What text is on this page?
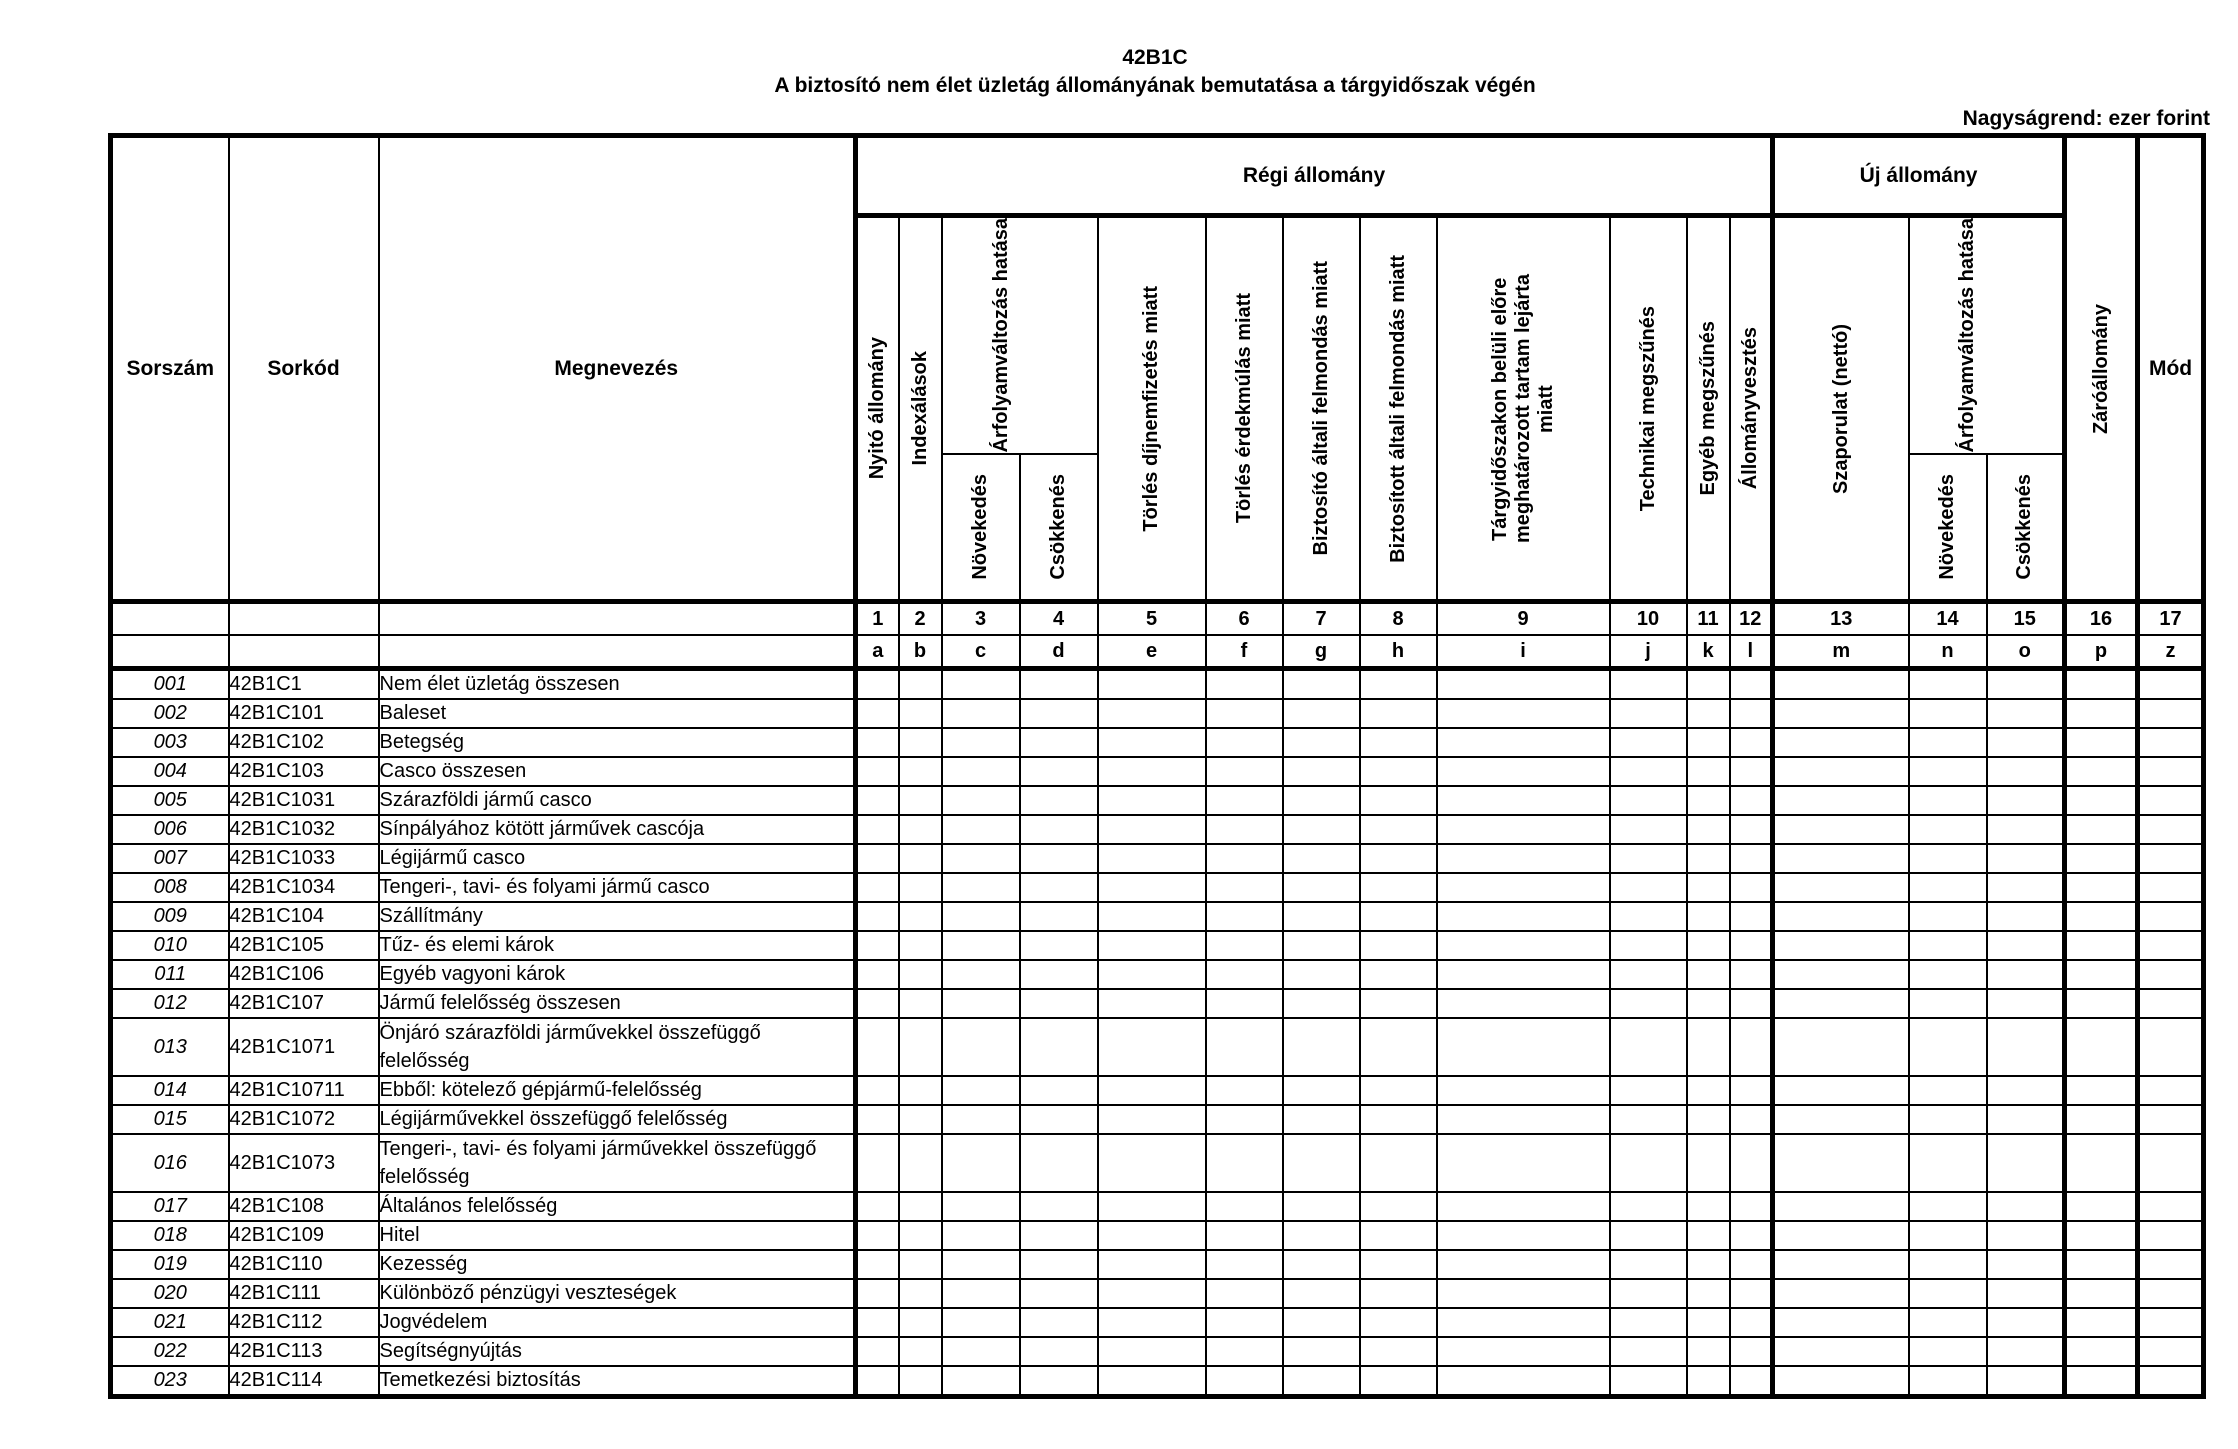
42B1C
A biztosító nem élet üzletág állományának bemutatása a tárgyidőszak végén
Nagyságrend: ezer forint
Sorszám	Sorkód	Megnevezés	Régi állomány												Új állomány			Záróállomány	Mód

			Nyitó állomány	Indexálások	Árfolyamváltozás hatása		Törlés díjnemfizetés miatt	Törlés érdekmúlás miatt	Biztosító általi felmondás miatt	Biztosított általi felmondás miatt	Tárgyidőszakon belüli előre meghatározott tartam lejárta miatt	Technikai megszűnés	Egyéb megszűnés	Állományvesztés	Szaporulat (nettó)	Árfolyamváltozás hatása			

					Növekedés	Csökkenés										Növekedés	Csökkenés		

			1	2	3	4	5	6	7	8	9	10	11	12	13	14	15	16	17
			a	b	c	d	e	f	g	h	i	j	k	l	m	n	o	p	z
001	42B1C1	Nem élet üzletág összesen																	
002	42B1C101	Baleset																	
003	42B1C102	Betegség																	
004	42B1C103	Casco összesen																	
005	42B1C1031	Szárazföldi jármű casco																	
006	42B1C1032	Sínpályához kötött járművek cascója																	
007	42B1C1033	Légijármű casco																	
008	42B1C1034	Tengeri-, tavi- és folyami jármű casco																	
009	42B1C104	Szállítmány																	
010	42B1C105	Tűz- és elemi károk																	
011	42B1C106	Egyéb vagyoni károk																	
012	42B1C107	Jármű felelősség összesen																	
013	42B1C1071	Önjáró szárazföldi járművekkel összefüggő felelősség																	
014	42B1C10711	Ebből: kötelező gépjármű-felelősség																	
015	42B1C1072	Légijárművekkel összefüggő felelősség																	
016	42B1C1073	Tengeri-, tavi- és folyami járművekkel összefüggő felelősség																	
017	42B1C108	Általános felelősség																	
018	42B1C109	Hitel																	
019	42B1C110	Kezesség																	
020	42B1C111	Különböző pénzügyi veszteségek																	
021	42B1C112	Jogvédelem																	
022	42B1C113	Segítségnyújtás																	
023	42B1C114	Temetkezési biztosítás																	
